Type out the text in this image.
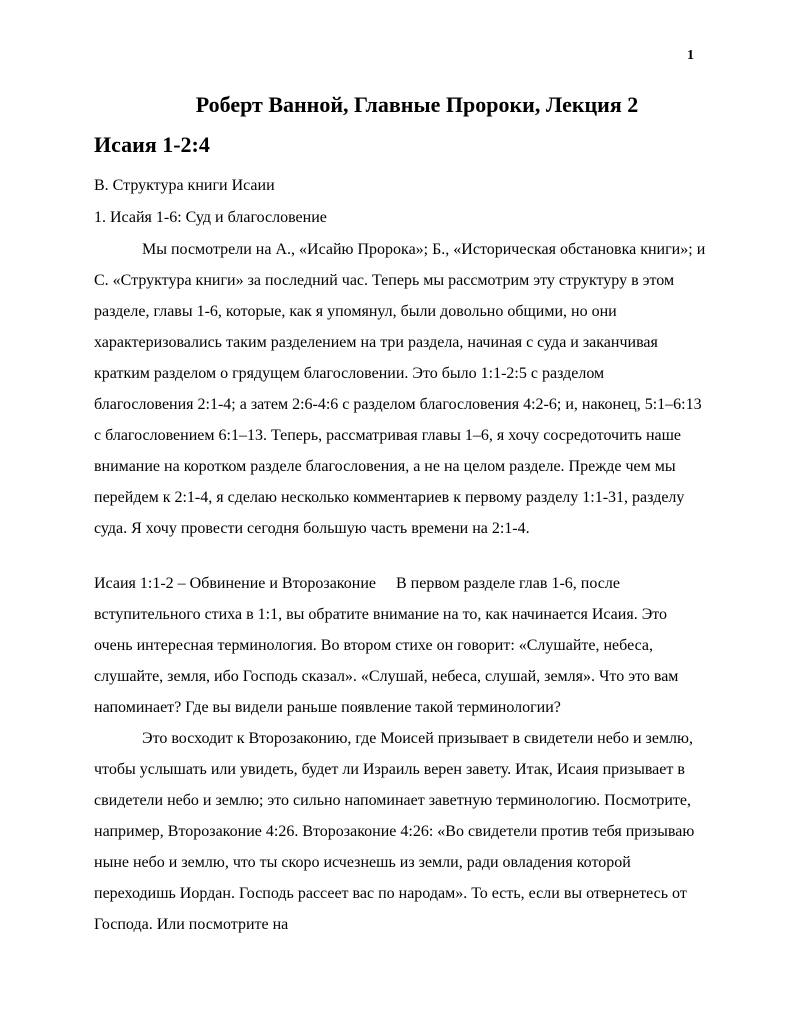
1
Роберт Ванной, Главные Пророки, Лекция 2
Исаия 1-2:4

B. Структура книги Исаии

1. Исайя 1-6: Суд и благословение

Мы посмотрели на А., «Исайю Пророка»; Б., «Историческая обстановка книги»; и С. «Структура книги» за последний час. Теперь мы рассмотрим эту структуру в этом разделе, главы 1-6, которые, как я упомянул, были довольно общими, но они характеризовались таким разделением на три раздела, начиная с суда и заканчивая кратким разделом о грядущем благословении. Это было 1:1-2:5 с разделом благословения 2:1-4; а затем 2:6-4:6 с разделом благословения 4:2-6; и, наконец, 5:1–6:13 с благословением 6:1–13. Теперь, рассматривая главы 1–6, я хочу сосредоточить наше внимание на коротком разделе благословения, а не на целом разделе. Прежде чем мы перейдем к 2:1-4, я сделаю несколько комментариев к первому разделу 1:1-31, разделу суда. Я хочу провести сегодня большую часть времени на 2:1-4.

Исаия 1:1-2 – Обвинение и Второзаконие В первом разделе глав 1-6, после вступительного стиха в 1:1, вы обратите внимание на то, как начинается Исаия. Это очень интересная терминология. Во втором стихе он говорит: «Слушайте, небеса, слушайте, земля, ибо Господь сказал». «Слушай, небеса, слушай, земля». Что это вам напоминает? Где вы видели раньше появление такой терминологии?

Это восходит к Второзаконию, где Моисей призывает в свидетели небо и землю, чтобы услышать или увидеть, будет ли Израиль верен завету. Итак, Исаия призывает в свидетели небо и землю; это сильно напоминает заветную терминологию. Посмотрите, например, Второзаконие 4:26. Второзаконие 4:26: «Во свидетели против тебя призываю ныне небо и землю, что ты скоро исчезнешь из земли, ради овладения которой переходишь Иордан. Господь рассеет вас по народам». То есть, если вы отвернетесь от Господа. Или посмотрите на
